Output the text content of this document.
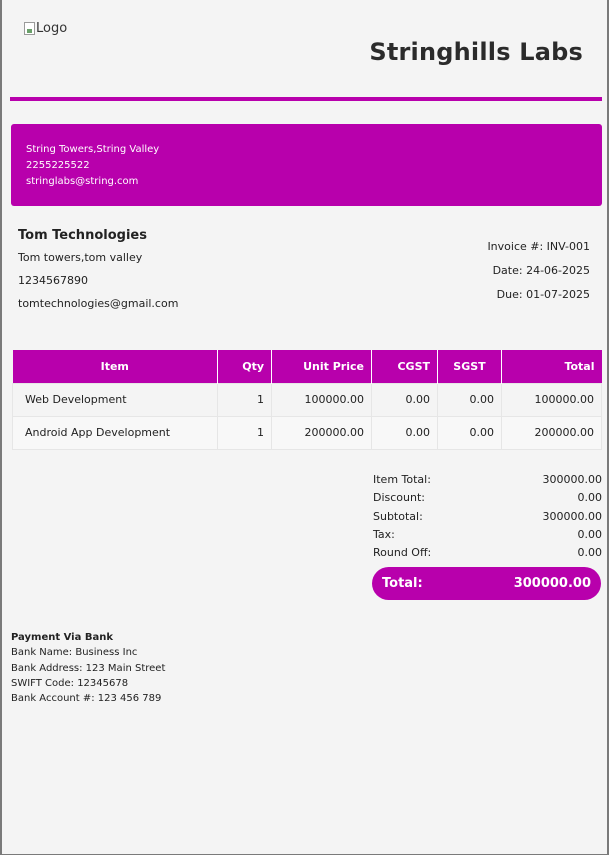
Logo
Stringhills Labs
String Towers,String Valley
2255225522
stringlabs@string.com
Tom Technologies
Tom towers,tom valley
1234567890
tomtechnologies@gmail.com
Invoice #: INV-001
Date: 24-06-2025
Due: 01-07-2025
Item	Qty	Unit Price	CGST	SGST	Total
Web Development	1	100000.00	0.00	0.00	100000.00
Android App Development	1	200000.00	0.00	0.00	200000.00
Item Total:	300000.00
Discount:	0.00
Subtotal:	300000.00
Tax:	0.00
Round Off:	0.00
Total:	300000.00
Payment Via Bank
Bank Name: Business Inc
Bank Address: 123 Main Street
SWIFT Code: 12345678
Bank Account #: 123 456 789
